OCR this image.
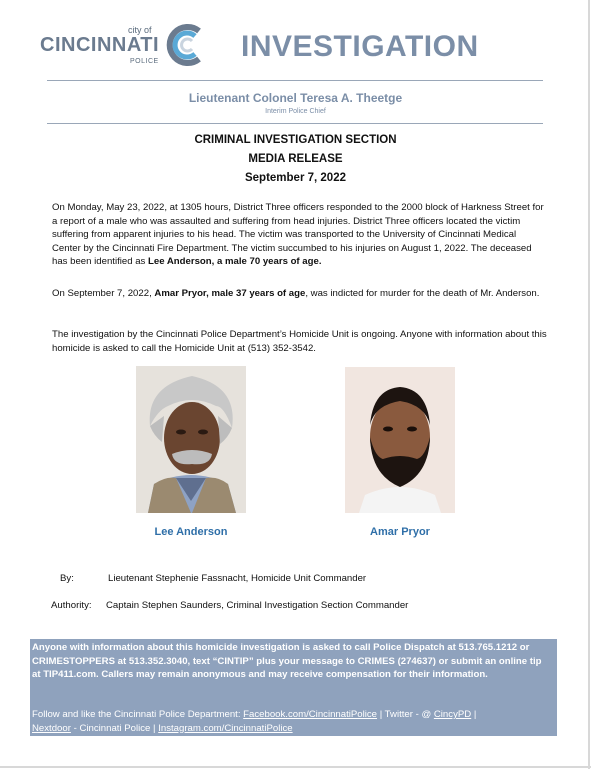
city of
CINCINNATI
POLICE	INVESTIGATION
Lieutenant Colonel Teresa A. Theetge
Interim Police Chief
CRIMINAL INVESTIGATION SECTION
MEDIA RELEASE
September 7, 2022
On Monday, May 23, 2022, at 1305 hours, District Three officers responded to the 2000 block of Harkness Street for a report of a male who was assaulted and suffering from head injuries. District Three officers located the victim suffering from apparent injuries to his head. The victim was transported to the University of Cincinnati Medical Center by the Cincinnati Fire Department. The victim succumbed to his injuries on August 1, 2022. The deceased has been identified as Lee Anderson, a male 70 years of age.
On September 7, 2022, Amar Pryor, male 37 years of age, was indicted for murder for the death of Mr. Anderson.
The investigation by the Cincinnati Police Department’s Homicide Unit is ongoing. Anyone with information about this homicide is asked to call the Homicide Unit at (513) 352-3542.
Lee Anderson	Amar Pryor
By:	Lieutenant Stephenie Fassnacht, Homicide Unit Commander
Authority: Captain Stephen Saunders, Criminal Investigation Section Commander
Anyone with information about this homicide investigation is asked to call Police Dispatch at 513.765.1212 or CRIMESTOPPERS at 513.352.3040, text “CINTIP” plus your message to CRIMES (274637) or submit an online tip at TIP411.com. Callers may remain anonymous and may receive compensation for their information.
Follow and like the Cincinnati Police Department: Facebook.com/CincinnatiPolice | Twitter - @ CincyPD |
Nextdoor - Cincinnati Police | Instagram.com/CincinnatiPolice
